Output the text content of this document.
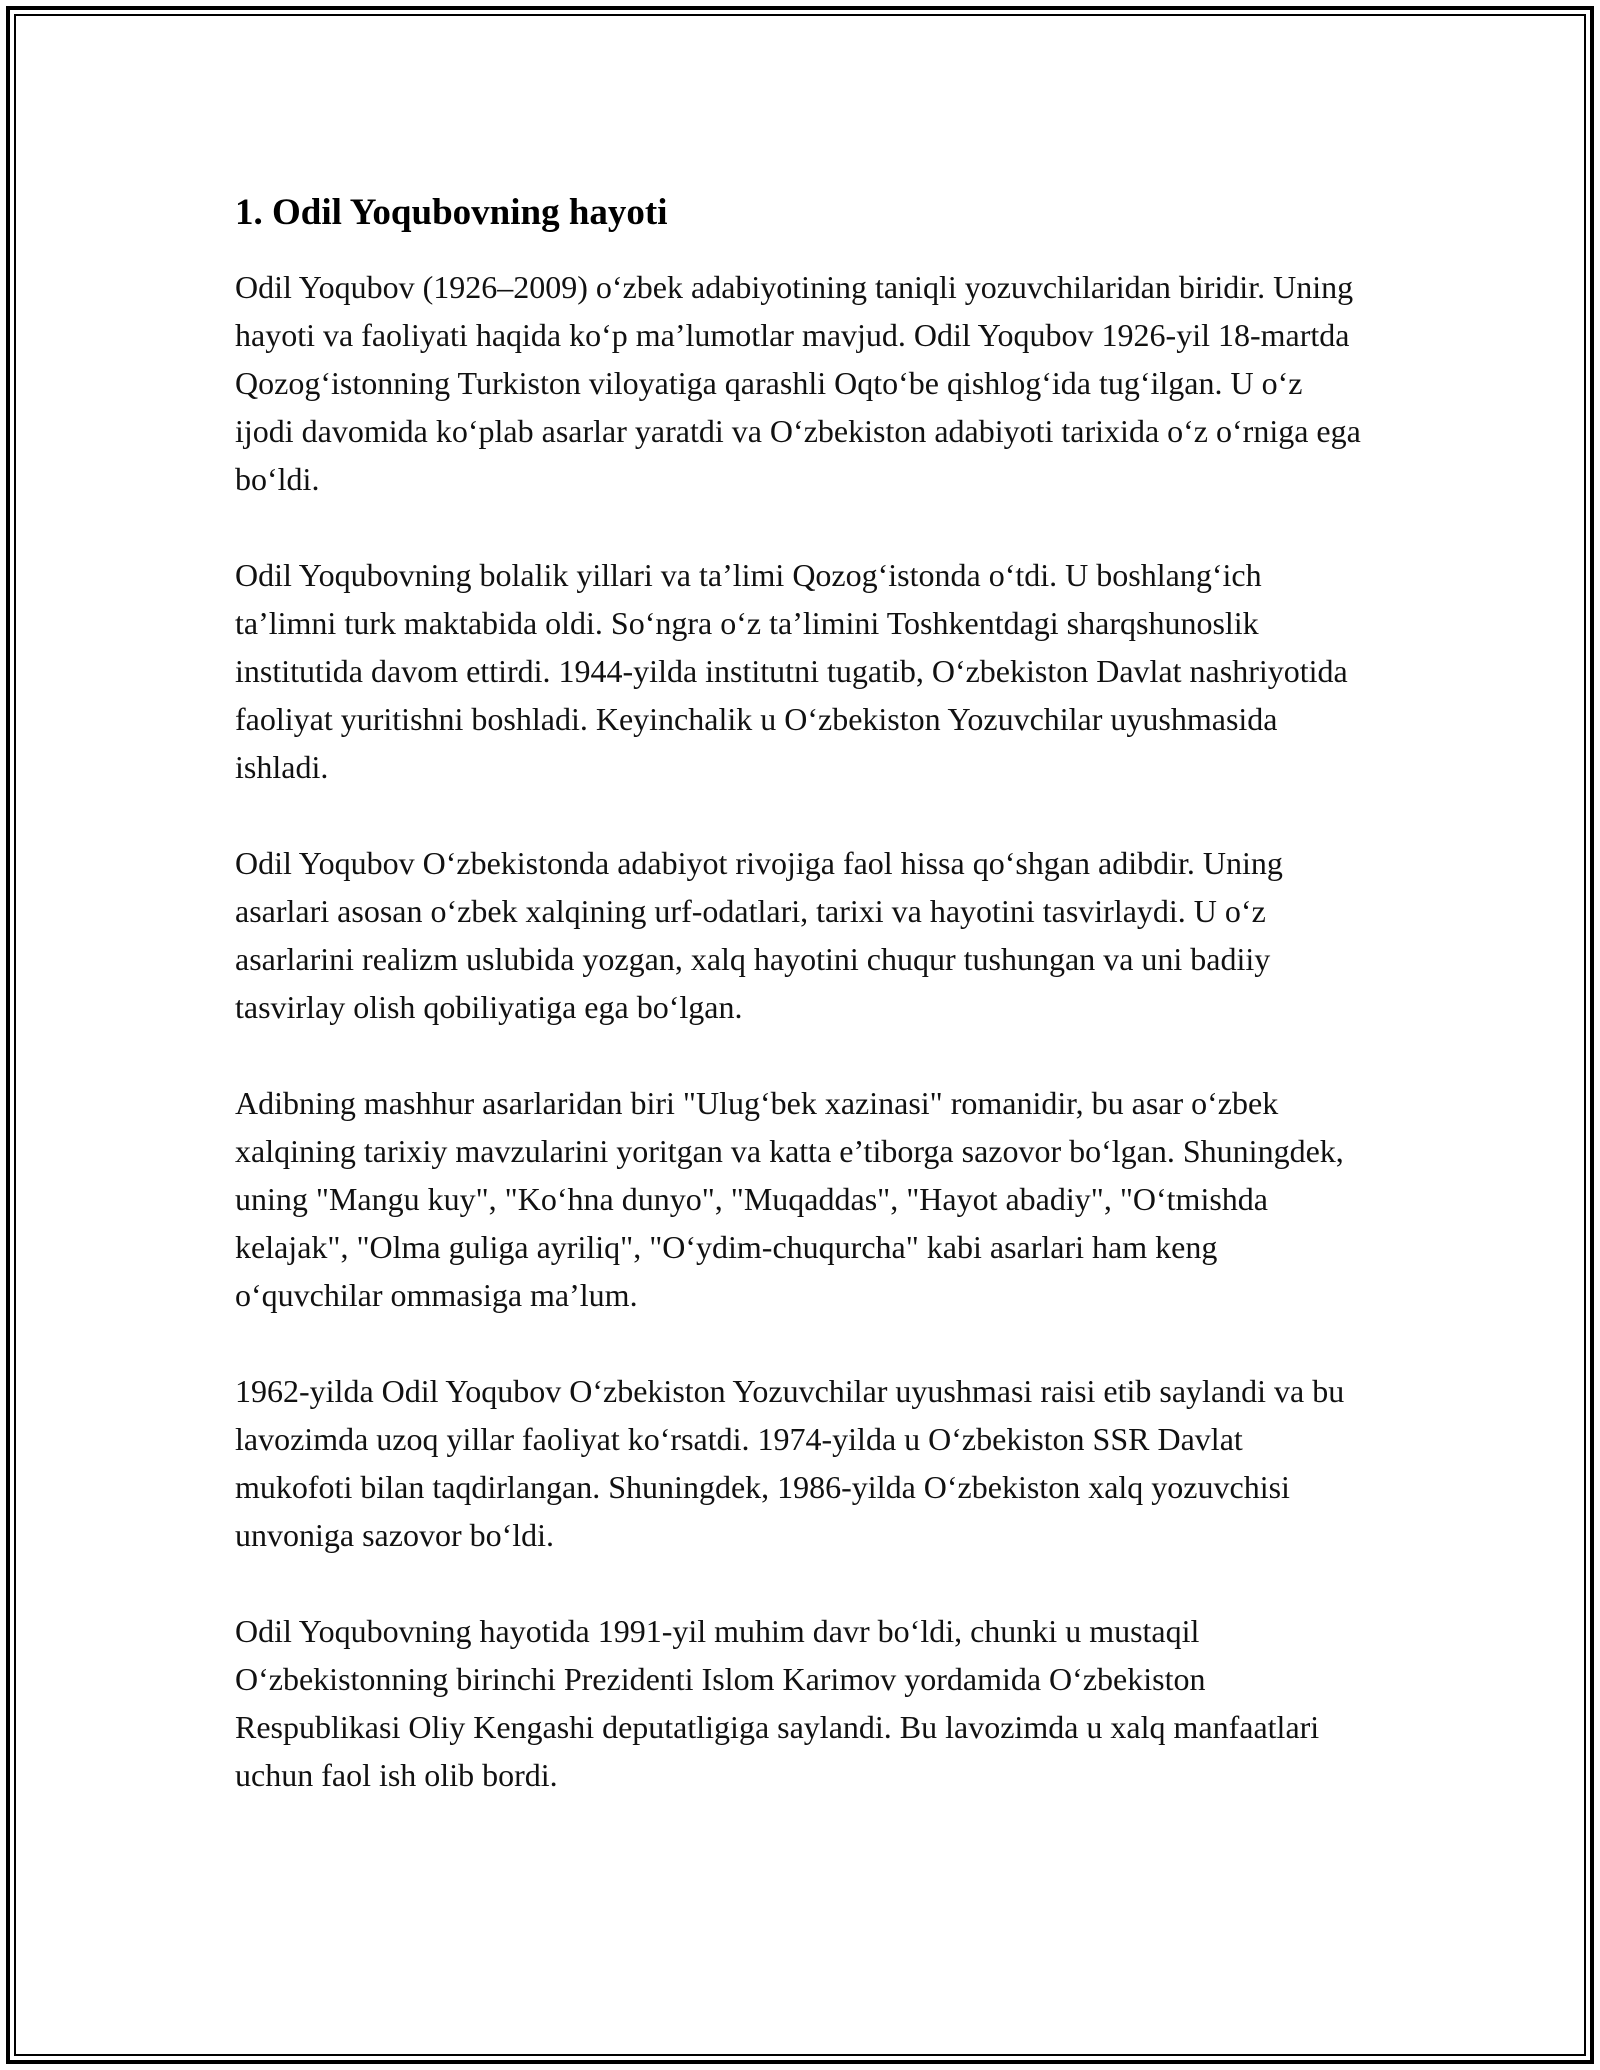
1. Odil Yoqubovning hayoti

Odil Yoqubov (1926–2009) o‘zbek adabiyotining taniqli yozuvchilaridan biridir. Uning hayoti va faoliyati haqida ko‘p ma’lumotlar mavjud. Odil Yoqubov 1926-yil 18-martda Qozog‘istonning Turkiston viloyatiga qarashli Oqto‘be qishlog‘ida tug‘ilgan. U o‘z ijodi davomida ko‘plab asarlar yaratdi va O‘zbekiston adabiyoti tarixida o‘z o‘rniga ega bo‘ldi.

Odil Yoqubovning bolalik yillari va ta’limi Qozog‘istonda o‘tdi. U boshlang‘ich ta’limni turk maktabida oldi. So‘ngra o‘z ta’limini Toshkentdagi sharqshunoslik institutida davom ettirdi. 1944-yilda institutni tugatib, O‘zbekiston Davlat nashriyotida faoliyat yuritishni boshladi. Keyinchalik u O‘zbekiston Yozuvchilar uyushmasida ishladi.

Odil Yoqubov O‘zbekistonda adabiyot rivojiga faol hissa qo‘shgan adibdir. Uning asarlari asosan o‘zbek xalqining urf-odatlari, tarixi va hayotini tasvirlaydi. U o‘z asarlarini realizm uslubida yozgan, xalq hayotini chuqur tushungan va uni badiiy tasvirlay olish qobiliyatiga ega bo‘lgan.

Adibning mashhur asarlaridan biri "Ulug‘bek xazinasi" romanidir, bu asar o‘zbek xalqining tarixiy mavzularini yoritgan va katta e’tiborga sazovor bo‘lgan. Shuningdek, uning "Mangu kuy", "Ko‘hna dunyo", "Muqaddas", "Hayot abadiy", "O‘tmishda kelajak", "Olma guliga ayriliq", "O‘ydim-chuqurcha" kabi asarlari ham keng o‘quvchilar ommasiga ma’lum.

1962-yilda Odil Yoqubov O‘zbekiston Yozuvchilar uyushmasi raisi etib saylandi va bu lavozimda uzoq yillar faoliyat ko‘rsatdi. 1974-yilda u O‘zbekiston SSR Davlat mukofoti bilan taqdirlangan. Shuningdek, 1986-yilda O‘zbekiston xalq yozuvchisi unvoniga sazovor bo‘ldi.

Odil Yoqubovning hayotida 1991-yil muhim davr bo‘ldi, chunki u mustaqil O‘zbekistonning birinchi Prezidenti Islom Karimov yordamida O‘zbekiston Respublikasi Oliy Kengashi deputatligiga saylandi. Bu lavozimda u xalq manfaatlari uchun faol ish olib bordi.
